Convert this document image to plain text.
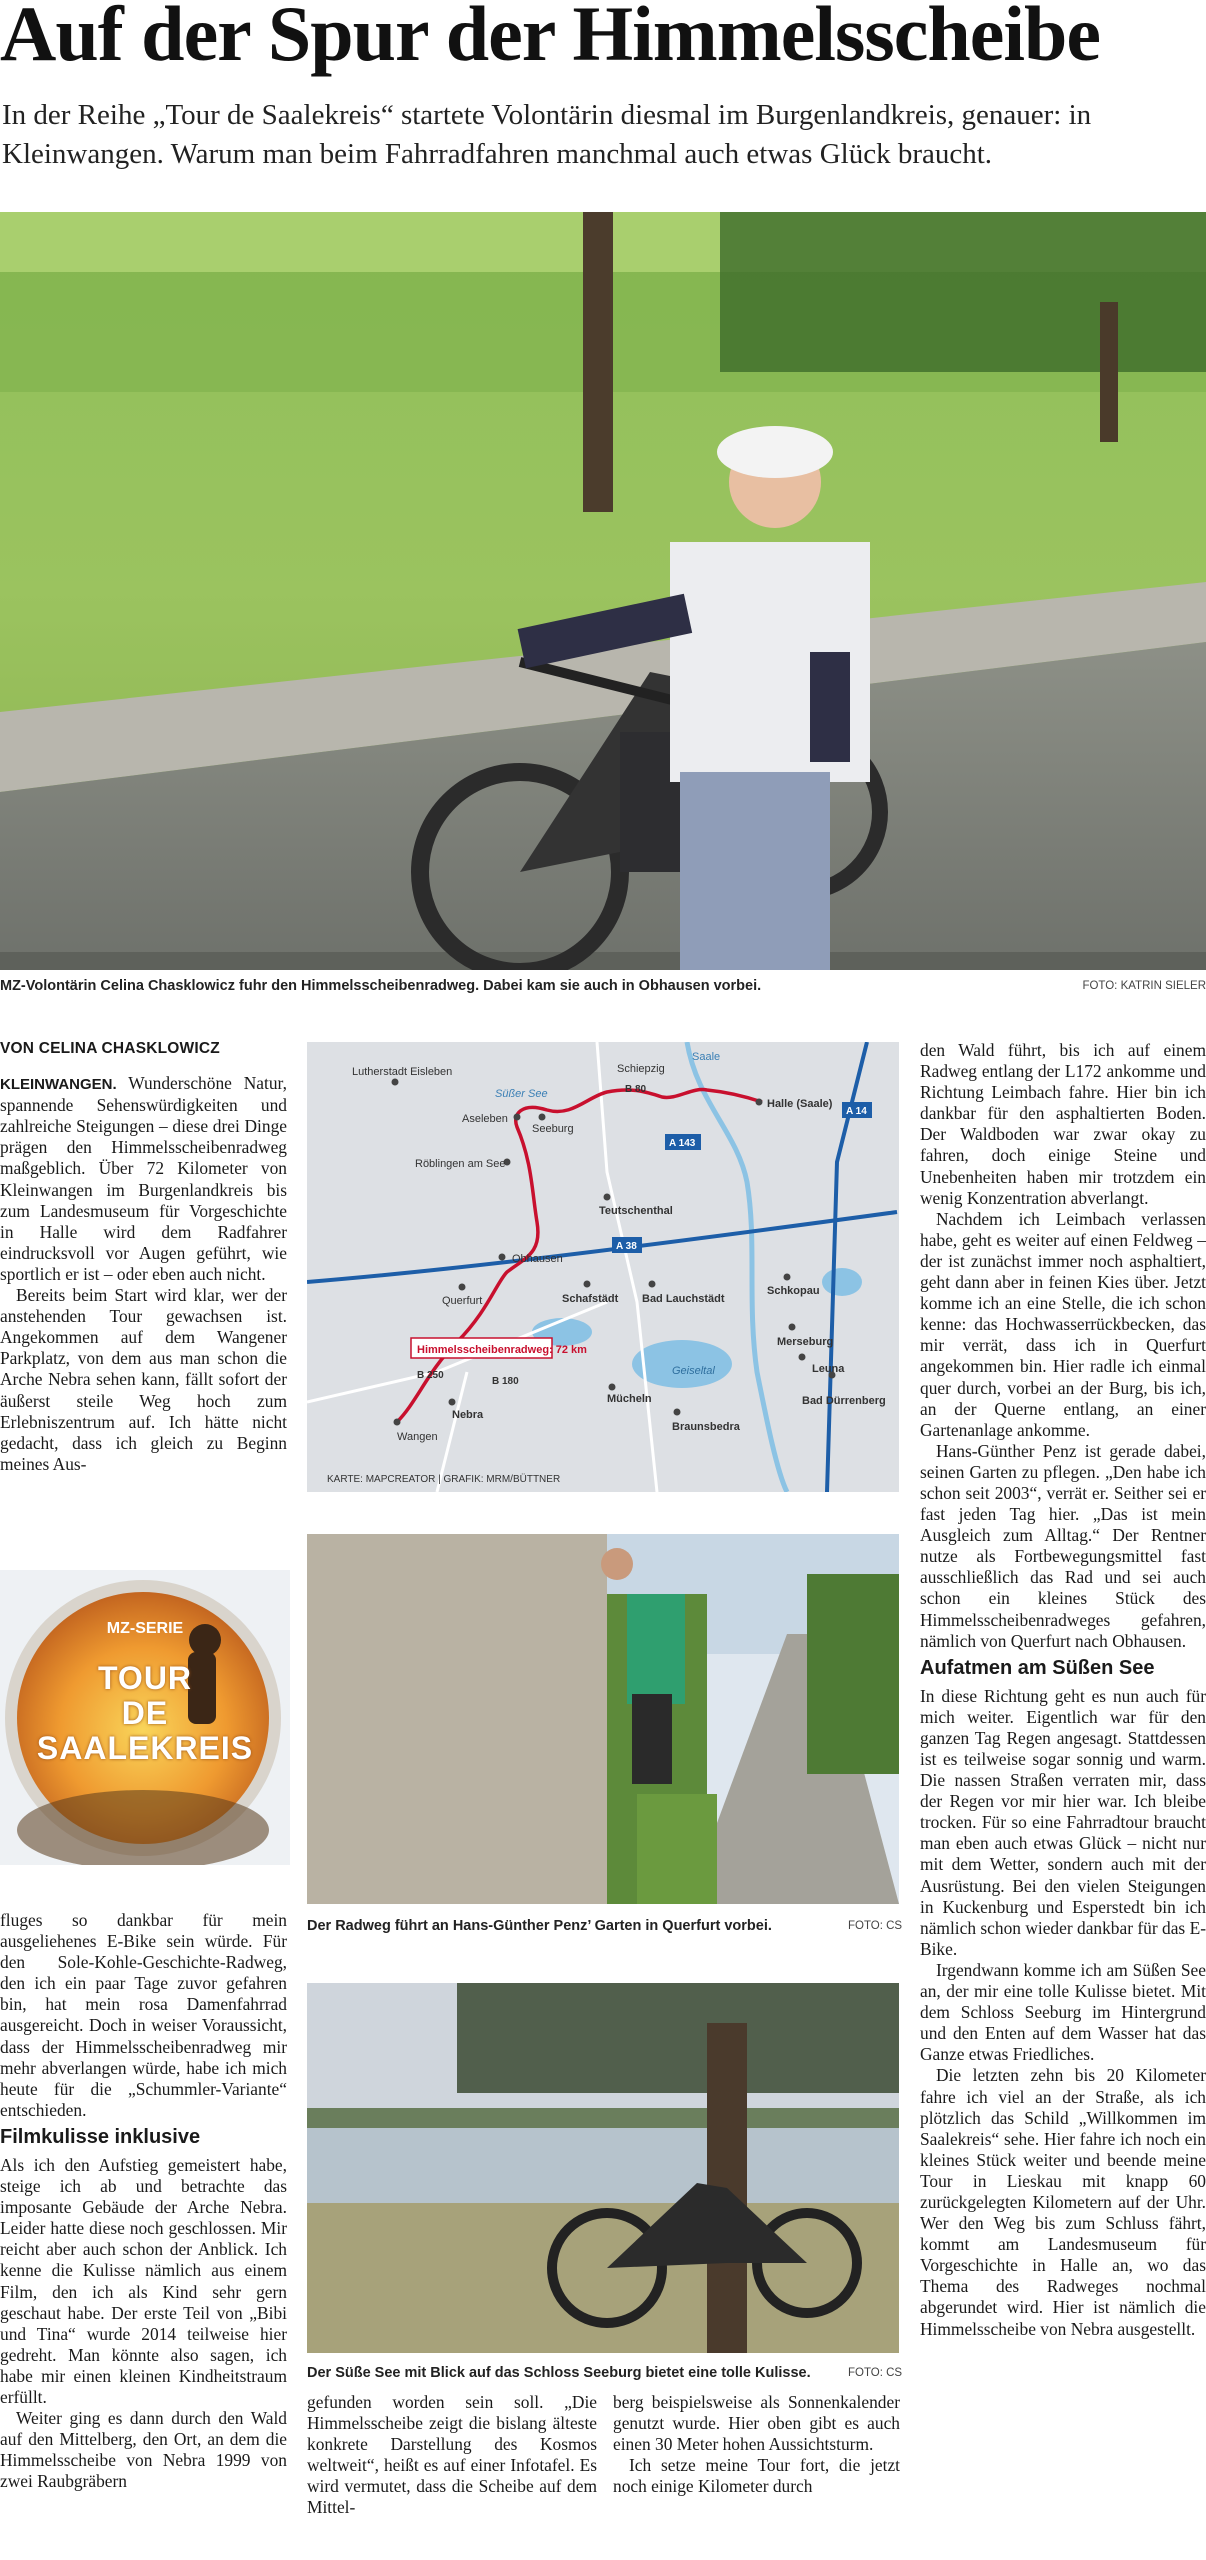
Auf der Spur der Himmelsscheibe
In der Reihe „Tour de Saalekreis“ startete Volontärin diesmal im Burgenlandkreis, genauer: in Kleinwangen. Warum man beim Fahrradfahren manchmal auch etwas Glück braucht.
MZ-Volontärin Celina Chasklowicz fuhr den Himmelsscheibenradweg. Dabei kam sie auch in Obhausen vorbei.	FOTO: KATRIN SIELER
VON CELINA CHASKLOWICZ

KLEINWANGEN. Wunderschöne Natur, spannende Sehenswürdigkeiten und zahlreiche Steigungen – diese drei Dinge prägen den Himmelsscheibenradweg maßgeblich. Über 72 Kilometer von Kleinwangen im Burgenlandkreis bis zum Landesmuseum für Vorgeschichte in Halle wird dem Radfahrer eindrucksvoll vor Augen geführt, wie sportlich er ist – oder eben auch nicht.

Bereits beim Start wird klar, wer der anstehenden Tour gewachsen ist. Angekommen auf dem Wangener Parkplatz, von dem aus man schon die Arche Nebra sehen kann, fällt sofort der äußerst steile Weg hoch zum Erlebniszentrum auf. Ich hätte nicht gedacht, dass ich gleich zu Beginn meines Aus-

MZ-SERIE
TOUR
DE
SAALEKREIS

fluges so dankbar für mein ausgeliehenes E-Bike sein würde. Für den Sole-Kohle-Geschichte-Radweg, den ich ein paar Tage zuvor gefahren bin, hat mein rosa Damenfahrrad ausgereicht. Doch in weiser Voraussicht, dass der Himmelsscheibenradweg mir mehr abverlangen würde, habe ich mich heute für die „Schummler-Variante“ entschieden.

Filmkulisse inklusive

Als ich den Aufstieg gemeistert habe, steige ich ab und betrachte das imposante Gebäude der Arche Nebra. Leider hatte diese noch geschlossen. Mir reicht aber auch schon der Anblick. Ich kenne die Kulisse nämlich aus einem Film, den ich als Kind sehr gern geschaut habe. Der erste Teil von „Bibi und Tina“ wurde 2014 teilweise hier gedreht. Man könnte also sagen, ich habe mir einen kleinen Kindheitstraum erfüllt.

Weiter ging es dann durch den Wald auf den Mittelberg, den Ort, an dem die Himmelsscheibe von Nebra 1999 von zwei Raubgräbern

Himmelsscheibenradweg: 72 km
Lutherstadt Eisleben	Schiepzig
Saale
Süßer See
Aseleben
Seeburg
Halle (Saale)
Röblingen am See
Teutschenthal
Obhausen
Querfurt	Schafstädt Bad Lauchstädt
Schkopau
Merseburg
Leuna
Geiseltal
Bad Dürrenberg
Mücheln
Nebra
Wangen
Braunsbedra
A 14
A 143
A 38
B 80
B 250
B 180
KARTE: MAPCREATOR | GRAFIK: MRM/BÜTTNER
Der Radweg führt an Hans-Günther Penz’ Garten in Querfurt vorbei.	FOTO: CS
Der Süße See mit Blick auf das Schloss Seeburg bietet eine tolle Kulisse.	FOTO: CS

gefunden worden sein soll. „Die Himmelsscheibe zeigt die bislang älteste konkrete Darstellung des Kosmos weltweit“, heißt es auf einer Infotafel. Es wird vermutet, dass die Scheibe auf dem Mittel-

berg beispielsweise als Sonnenkalender genutzt wurde. Hier oben gibt es auch einen 30 Meter hohen Aussichtsturm.

Ich setze meine Tour fort, die jetzt noch einige Kilometer durch

den Wald führt, bis ich auf einem Radweg entlang der L172 ankomme und Richtung Leimbach fahre. Hier bin ich dankbar für den asphaltierten Boden. Der Waldboden war zwar okay zu fahren, doch einige Steine und Unebenheiten haben mir trotzdem ein wenig Konzentration abverlangt.

Nachdem ich Leimbach verlassen habe, geht es weiter auf einen Feldweg – der ist zunächst immer noch asphaltiert, geht dann aber in feinen Kies über. Jetzt komme ich an eine Stelle, die ich schon kenne: das Hochwasserrückbecken, das mir verrät, dass ich in Querfurt angekommen bin. Hier radle ich einmal quer durch, vorbei an der Burg, bis ich, an der Querne entlang, an einer Gartenanlage ankomme.

Hans-Günther Penz ist gerade dabei, seinen Garten zu pflegen. „Den habe ich schon seit 2003“, verrät er. Seither sei er fast jeden Tag hier. „Das ist mein Ausgleich zum Alltag.“ Der Rentner nutze als Fortbewegungsmittel fast ausschließlich das Rad und sei auch schon ein kleines Stück des Himmelsscheibenradweges gefahren, nämlich von Querfurt nach Obhausen.

Aufatmen am Süßen See

In diese Richtung geht es nun auch für mich weiter. Eigentlich war für den ganzen Tag Regen angesagt. Stattdessen ist es teilweise sogar sonnig und warm. Die nassen Straßen verraten mir, dass der Regen vor mir hier war. Ich bleibe trocken. Für so eine Fahrradtour braucht man eben auch etwas Glück – nicht nur mit dem Wetter, sondern auch mit der Ausrüstung. Bei den vielen Steigungen in Kuckenburg und Esperstedt bin ich nämlich schon wieder dankbar für das E-Bike.

Irgendwann komme ich am Süßen See an, der mir eine tolle Kulisse bietet. Mit dem Schloss Seeburg im Hintergrund und den Enten auf dem Wasser hat das Ganze etwas Friedliches.

Die letzten zehn bis 20 Kilometer fahre ich viel an der Straße, als ich plötzlich das Schild „Willkommen im Saalekreis“ sehe. Hier fahre ich noch ein kleines Stück weiter und beende meine Tour in Lieskau mit knapp 60 zurückgelegten Kilometern auf der Uhr. Wer den Weg bis zum Schluss fährt, kommt am Landesmuseum für Vorgeschichte in Halle an, wo das Thema des Radweges nochmal abgerundet wird. Hier ist nämlich die Himmelsscheibe von Nebra ausgestellt.
